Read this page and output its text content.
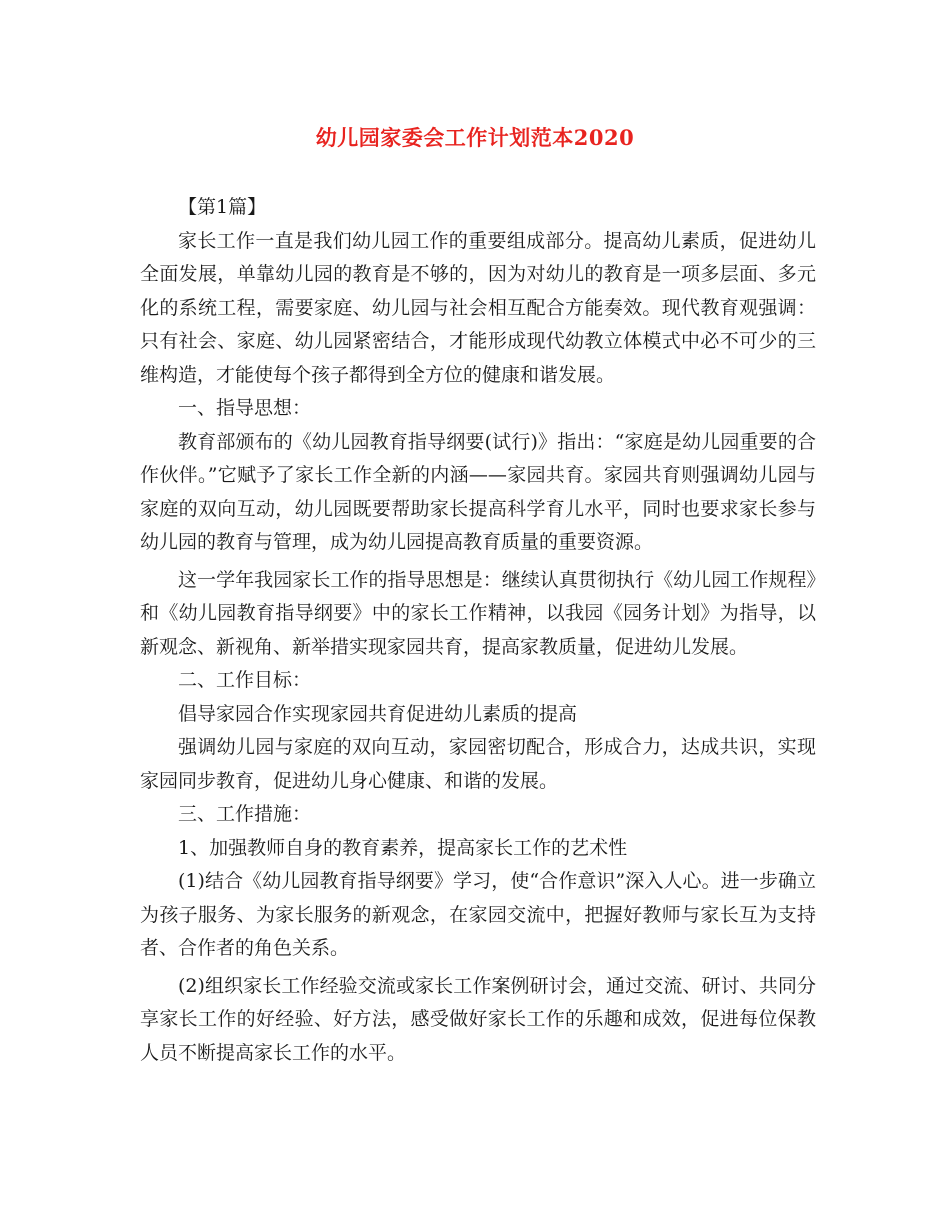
幼儿园家委会工作计划范本2020

【第1篇】

家长工作一直是我们幼儿园工作的重要组成部分。提高幼儿素质，促进幼儿全面发展，单靠幼儿园的教育是不够的，因为对幼儿的教育是一项多层面、多元化的系统工程，需要家庭、幼儿园与社会相互配合方能奏效。现代教育观强调：只有社会、家庭、幼儿园紧密结合，才能形成现代幼教立体模式中必不可少的三维构造，才能使每个孩子都得到全方位的健康和谐发展。

一、指导思想：

教育部颁布的《幼儿园教育指导纲要(试行)》指出：“家庭是幼儿园重要的合作伙伴。”它赋予了家长工作全新的内涵——家园共育。家园共育则强调幼儿园与家庭的双向互动，幼儿园既要帮助家长提高科学育儿水平，同时也要求家长参与幼儿园的教育与管理，成为幼儿园提高教育质量的重要资源。

这一学年我园家长工作的指导思想是：继续认真贯彻执行《幼儿园工作规程》和《幼儿园教育指导纲要》中的家长工作精神，以我园《园务计划》为指导，以新观念、新视角、新举措实现家园共育，提高家教质量，促进幼儿发展。

二、工作目标：

倡导家园合作实现家园共育促进幼儿素质的提高

强调幼儿园与家庭的双向互动，家园密切配合，形成合力，达成共识，实现家园同步教育，促进幼儿身心健康、和谐的发展。

三、工作措施：

1、加强教师自身的教育素养，提高家长工作的艺术性

(1)结合《幼儿园教育指导纲要》学习，使“合作意识”深入人心。进一步确立为孩子服务、为家长服务的新观念，在家园交流中，把握好教师与家长互为支持者、合作者的角色关系。

(2)组织家长工作经验交流或家长工作案例研讨会，通过交流、研讨、共同分享家长工作的好经验、好方法，感受做好家长工作的乐趣和成效，促进每位保教人员不断提高家长工作的水平。
